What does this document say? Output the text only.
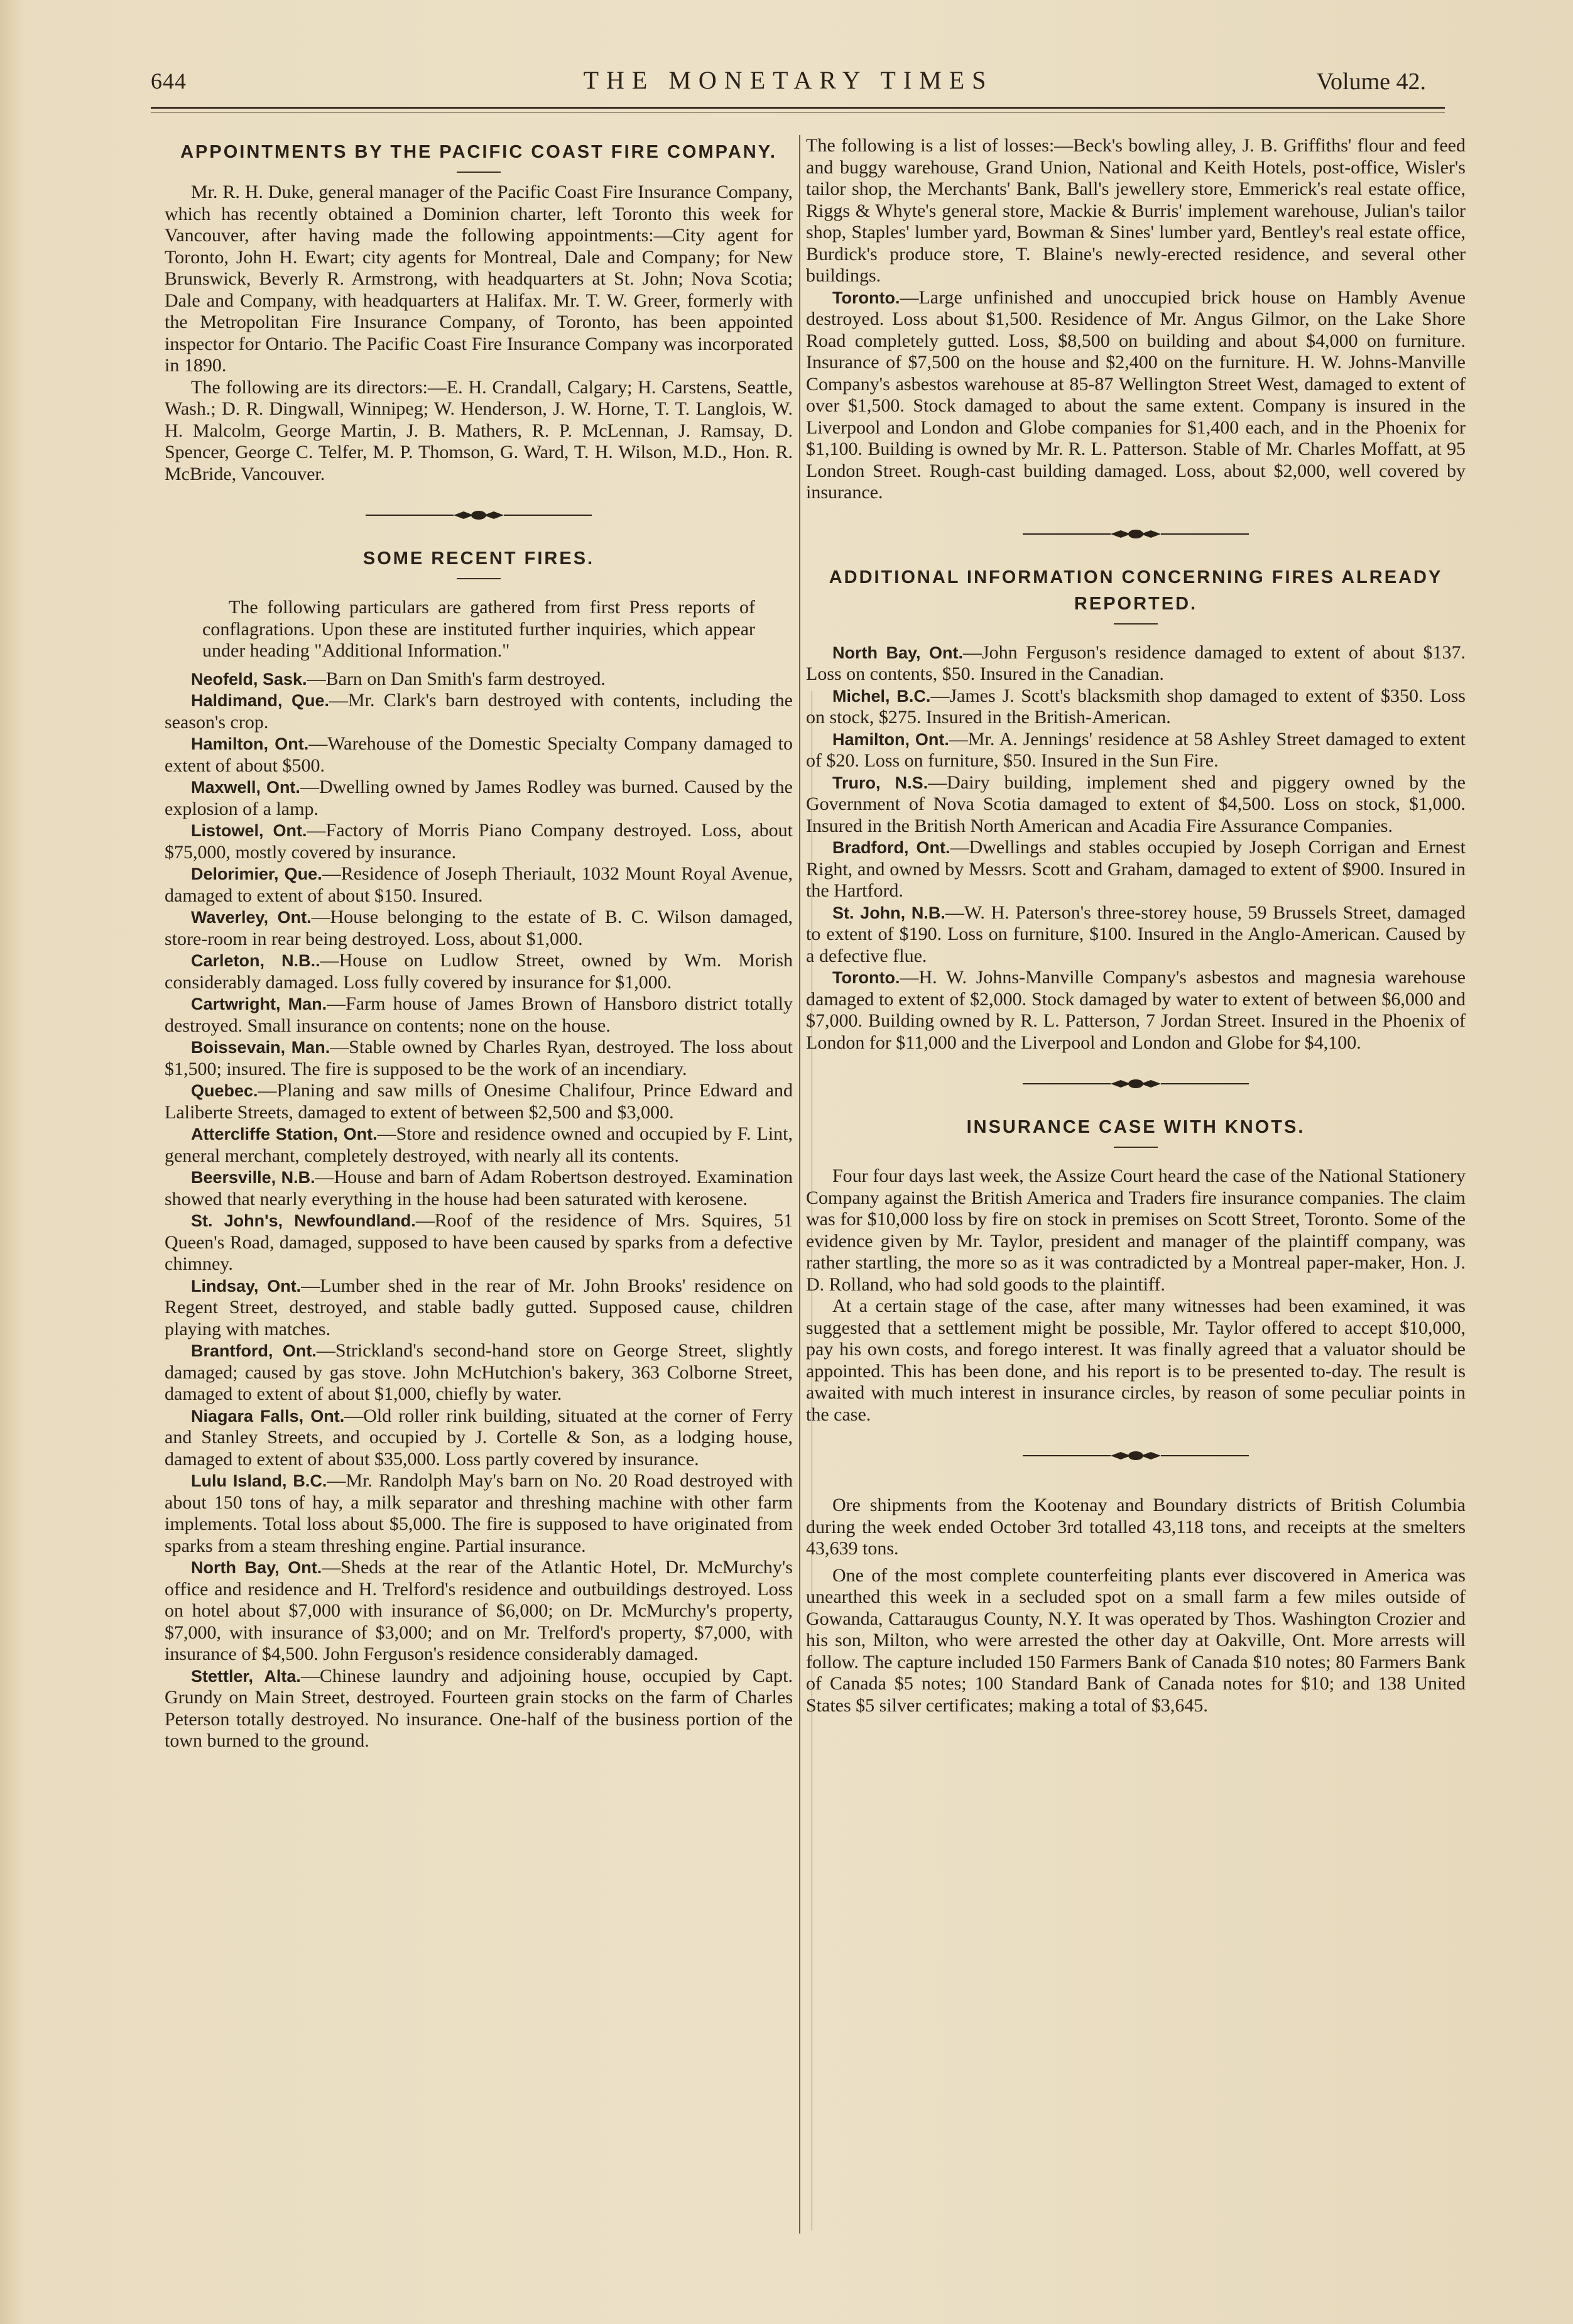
644	THE MONETARY TIMES	Volume 42.
APPOINTMENTS BY THE PACIFIC COAST FIRE COMPANY.

Mr. R. H. Duke, general manager of the Pacific Coast Fire Insurance Company, which has recently obtained a Dominion charter, left Toronto this week for Vancouver, after having made the following appointments:—City agent for Toronto, John H. Ewart; city agents for Montreal, Dale and Company; for New Brunswick, Beverly R. Armstrong, with headquarters at St. John; Nova Scotia; Dale and Company, with headquarters at Halifax. Mr. T. W. Greer, formerly with the Metropolitan Fire Insurance Company, of Toronto, has been appointed inspector for Ontario. The Pacific Coast Fire Insurance Company was incorporated in 1890.

The following are its directors:—E. H. Crandall, Calgary; H. Carstens, Seattle, Wash.; D. R. Dingwall, Winnipeg; W. Henderson, J. W. Horne, T. T. Langlois, W. H. Malcolm, George Martin, J. B. Mathers, R. P. McLennan, J. Ramsay, D. Spencer, George C. Telfer, M. P. Thomson, G. Ward, T. H. Wilson, M.D., Hon. R. McBride, Vancouver.

SOME RECENT FIRES.

The following particulars are gathered from first Press reports of conflagrations. Upon these are instituted further inquiries, which appear under heading "Additional Information."

Neofeld, Sask.—Barn on Dan Smith's farm destroyed.

Haldimand, Que.—Mr. Clark's barn destroyed with contents, including the season's crop.

Hamilton, Ont.—Warehouse of the Domestic Specialty Company damaged to extent of about $500.

Maxwell, Ont.—Dwelling owned by James Rodley was burned. Caused by the explosion of a lamp.

Listowel, Ont.—Factory of Morris Piano Company destroyed. Loss, about $75,000, mostly covered by insurance.

Delorimier, Que.—Residence of Joseph Theriault, 1032 Mount Royal Avenue, damaged to extent of about $150. Insured.

Waverley, Ont.—House belonging to the estate of B. C. Wilson damaged, store-room in rear being destroyed. Loss, about $1,000.

Carleton, N.B..—House on Ludlow Street, owned by Wm. Morish considerably damaged. Loss fully covered by insurance for $1,000.

Cartwright, Man.—Farm house of James Brown of Hansboro district totally destroyed. Small insurance on contents; none on the house.

Boissevain, Man.—Stable owned by Charles Ryan, destroyed. The loss about $1,500; insured. The fire is supposed to be the work of an incendiary.

Quebec.—Planing and saw mills of Onesime Chalifour, Prince Edward and Laliberte Streets, damaged to extent of between $2,500 and $3,000.

Attercliffe Station, Ont.—Store and residence owned and occupied by F. Lint, general merchant, completely destroyed, with nearly all its contents.

Beersville, N.B.—House and barn of Adam Robertson destroyed. Examination showed that nearly everything in the house had been saturated with kerosene.

St. John's, Newfoundland.—Roof of the residence of Mrs. Squires, 51 Queen's Road, damaged, supposed to have been caused by sparks from a defective chimney.

Lindsay, Ont.—Lumber shed in the rear of Mr. John Brooks' residence on Regent Street, destroyed, and stable badly gutted. Supposed cause, children playing with matches.

Brantford, Ont.—Strickland's second-hand store on George Street, slightly damaged; caused by gas stove. John McHutchion's bakery, 363 Colborne Street, damaged to extent of about $1,000, chiefly by water.

Niagara Falls, Ont.—Old roller rink building, situated at the corner of Ferry and Stanley Streets, and occupied by J. Cortelle & Son, as a lodging house, damaged to extent of about $35,000. Loss partly covered by insurance.

Lulu Island, B.C.—Mr. Randolph May's barn on No. 20 Road destroyed with about 150 tons of hay, a milk separator and threshing machine with other farm implements. Total loss about $5,000. The fire is supposed to have originated from sparks from a steam threshing engine. Partial insurance.

North Bay, Ont.—Sheds at the rear of the Atlantic Hotel, Dr. McMurchy's office and residence and H. Trelford's residence and outbuildings destroyed. Loss on hotel about $7,000 with insurance of $6,000; on Dr. McMurchy's property, $7,000, with insurance of $3,000; and on Mr. Trelford's property, $7,000, with insurance of $4,500. John Ferguson's residence considerably damaged.

Stettler, Alta.—Chinese laundry and adjoining house, occupied by Capt. Grundy on Main Street, destroyed. Fourteen grain stocks on the farm of Charles Peterson totally destroyed. No insurance. One-half of the business portion of the town burned to the ground.

The following is a list of losses:—Beck's bowling alley, J. B. Griffiths' flour and feed and buggy warehouse, Grand Union, National and Keith Hotels, post-office, Wisler's tailor shop, the Merchants' Bank, Ball's jewellery store, Emmerick's real estate office, Riggs & Whyte's general store, Mackie & Burris' implement warehouse, Julian's tailor shop, Staples' lumber yard, Bowman & Sines' lumber yard, Bentley's real estate office, Burdick's produce store, T. Blaine's newly-erected residence, and several other buildings.

Toronto.—Large unfinished and unoccupied brick house on Hambly Avenue destroyed. Loss about $1,500. Residence of Mr. Angus Gilmor, on the Lake Shore Road completely gutted. Loss, $8,500 on building and about $4,000 on furniture. Insurance of $7,500 on the house and $2,400 on the furniture. H. W. Johns-Manville Company's asbestos warehouse at 85-87 Wellington Street West, damaged to extent of over $1,500. Stock damaged to about the same extent. Company is insured in the Liverpool and London and Globe companies for $1,400 each, and in the Phoenix for $1,100. Building is owned by Mr. R. L. Patterson. Stable of Mr. Charles Moffatt, at 95 London Street. Rough-cast building damaged. Loss, about $2,000, well covered by insurance.

ADDITIONAL INFORMATION CONCERNING FIRES ALREADY REPORTED.

North Bay, Ont.—John Ferguson's residence damaged to extent of about $137. Loss on contents, $50. Insured in the Canadian.

Michel, B.C.—James J. Scott's blacksmith shop damaged to extent of $350. Loss on stock, $275. Insured in the British-American.

Hamilton, Ont.—Mr. A. Jennings' residence at 58 Ashley Street damaged to extent of $20. Loss on furniture, $50. Insured in the Sun Fire.

Truro, N.S.—Dairy building, implement shed and piggery owned by the Government of Nova Scotia damaged to extent of $4,500. Loss on stock, $1,000. Insured in the British North American and Acadia Fire Assurance Companies.

Bradford, Ont.—Dwellings and stables occupied by Joseph Corrigan and Ernest Right, and owned by Messrs. Scott and Graham, damaged to extent of $900. Insured in the Hartford.

St. John, N.B.—W. H. Paterson's three-storey house, 59 Brussels Street, damaged to extent of $190. Loss on furniture, $100. Insured in the Anglo-American. Caused by a defective flue.

Toronto.—H. W. Johns-Manville Company's asbestos and magnesia warehouse damaged to extent of $2,000. Stock damaged by water to extent of between $6,000 and $7,000. Building owned by R. L. Patterson, 7 Jordan Street. Insured in the Phoenix of London for $11,000 and the Liverpool and London and Globe for $4,100.

INSURANCE CASE WITH KNOTS.

Four four days last week, the Assize Court heard the case of the National Stationery Company against the British America and Traders fire insurance companies. The claim was for $10,000 loss by fire on stock in premises on Scott Street, Toronto. Some of the evidence given by Mr. Taylor, president and manager of the plaintiff company, was rather startling, the more so as it was contradicted by a Montreal paper-maker, Hon. J. D. Rolland, who had sold goods to the plaintiff.

At a certain stage of the case, after many witnesses had been examined, it was suggested that a settlement might be possible, Mr. Taylor offered to accept $10,000, pay his own costs, and forego interest. It was finally agreed that a valuator should be appointed. This has been done, and his report is to be presented to-day. The result is awaited with much interest in insurance circles, by reason of some peculiar points in the case.

Ore shipments from the Kootenay and Boundary districts of British Columbia during the week ended October 3rd totalled 43,118 tons, and receipts at the smelters 43,639 tons.

One of the most complete counterfeiting plants ever discovered in America was unearthed this week in a secluded spot on a small farm a few miles outside of Gowanda, Cattaraugus County, N.Y. It was operated by Thos. Washington Crozier and his son, Milton, who were arrested the other day at Oakville, Ont. More arrests will follow. The capture included 150 Farmers Bank of Canada $10 notes; 80 Farmers Bank of Canada $5 notes; 100 Standard Bank of Canada notes for $10; and 138 United States $5 silver certificates; making a total of $3,645.
